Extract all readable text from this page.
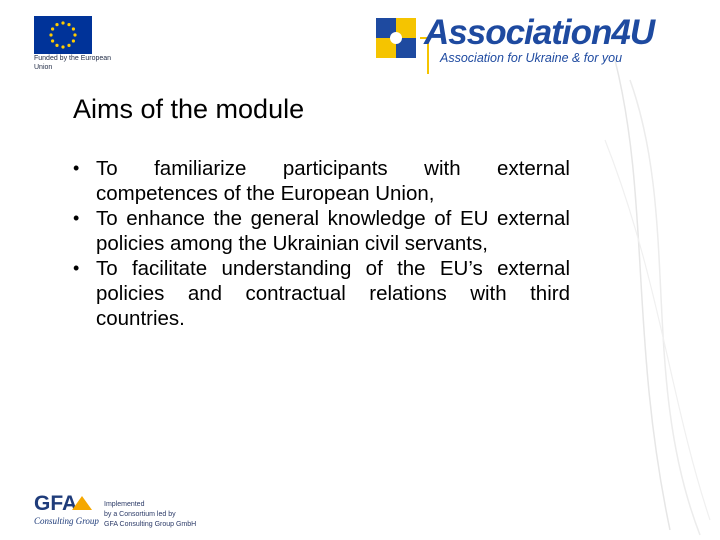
Funded by the European Union
Association4U
Association for Ukraine & for you
Aims of the module
• To familiarize participants with external competences of the European Union,
• To enhance the general knowledge of EU external policies among the Ukrainian civil servants,
• To facilitate understanding of the EU’s external policies and contractual relations with third countries.
GFA
Consulting Group
Implemented
by a Consortium led by
GFA Consulting Group GmbH
